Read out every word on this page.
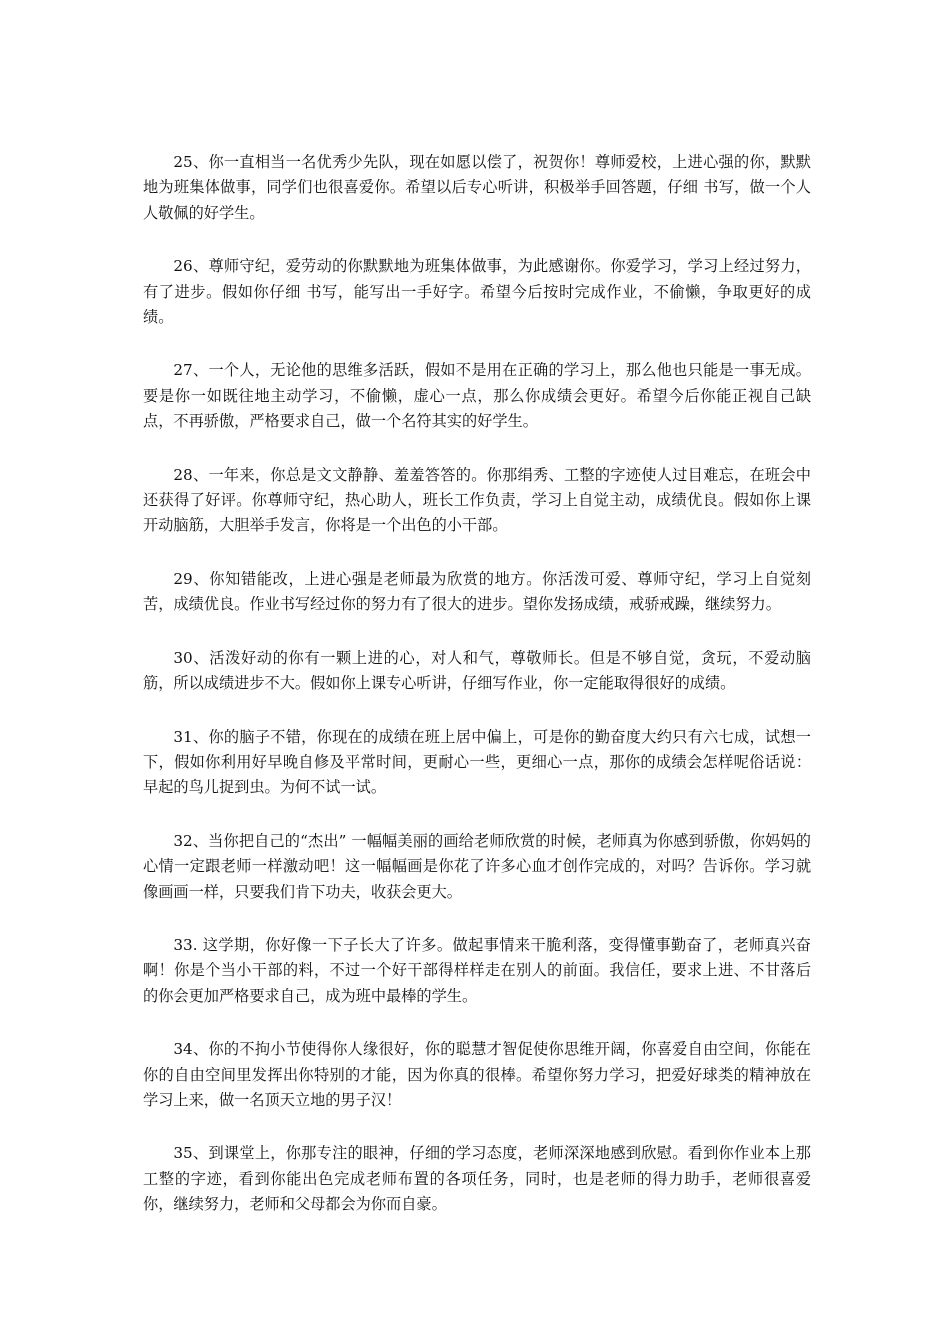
25、你一直相当一名优秀少先队，现在如愿以偿了，祝贺你！尊师爱校，上进心强的你，默默地为班集体做事，同学们也很喜爱你。希望以后专心听讲，积极举手回答题，仔细 书写，做一个人人敬佩的好学生。

26、尊师守纪，爱劳动的你默默地为班集体做事，为此感谢你。你爱学习，学习上经过努力，有了进步。假如你仔细 书写，能写出一手好字。希望今后按时完成作业，不偷懒，争取更好的成绩。

27、一个人，无论他的思维多活跃，假如不是用在正确的学习上，那么他也只能是一事无成。要是你一如既往地主动学习，不偷懒，虚心一点，那么你成绩会更好。希望今后你能正视自己缺点，不再骄傲，严格要求自己，做一个名符其实的好学生。

28、一年来，你总是文文静静、羞羞答答的。你那绢秀、工整的字迹使人过目难忘，在班会中还获得了好评。你尊师守纪，热心助人，班长工作负责，学习上自觉主动，成绩优良。假如你上课开动脑筋，大胆举手发言，你将是一个出色的小干部。

29、你知错能改，上进心强是老师最为欣赏的地方。你活泼可爱、尊师守纪，学习上自觉刻苦，成绩优良。作业书写经过你的努力有了很大的进步。望你发扬成绩，戒骄戒躁，继续努力。

30、活泼好动的你有一颗上进的心，对人和气，尊敬师长。但是不够自觉，贪玩，不爱动脑筋，所以成绩进步不大。假如你上课专心听讲，仔细写作业，你一定能取得很好的成绩。

31、你的脑子不错，你现在的成绩在班上居中偏上，可是你的勤奋度大约只有六七成，试想一下，假如你利用好早晚自修及平常时间，更耐心一些，更细心一点，那你的成绩会怎样呢俗话说：早起的鸟儿捉到虫。为何不试一试。

32、当你把自己的“杰出” 一幅幅美丽的画给老师欣赏的时候，老师真为你感到骄傲，你妈妈的心情一定跟老师一样激动吧！这一幅幅画是你花了许多心血才创作完成的，对吗？告诉你。学习就像画画一样，只要我们肯下功夫，收获会更大。

33. 这学期，你好像一下子长大了许多。做起事情来干脆利落，变得懂事勤奋了，老师真兴奋啊！你是个当小干部的料，不过一个好干部得样样走在别人的前面。我信任，要求上进、不甘落后的你会更加严格要求自己，成为班中最棒的学生。

34、你的不拘小节使得你人缘很好，你的聪慧才智促使你思维开阔，你喜爱自由空间，你能在你的自由空间里发挥出你特别的才能，因为你真的很棒。希望你努力学习，把爱好球类的精神放在学习上来，做一名顶天立地的男子汉！

35、到课堂上，你那专注的眼神，仔细的学习态度，老师深深地感到欣慰。看到你作业本上那工整的字迹，看到你能出色完成老师布置的各项任务，同时，也是老师的得力助手，老师很喜爱你，继续努力，老师和父母都会为你而自豪。
